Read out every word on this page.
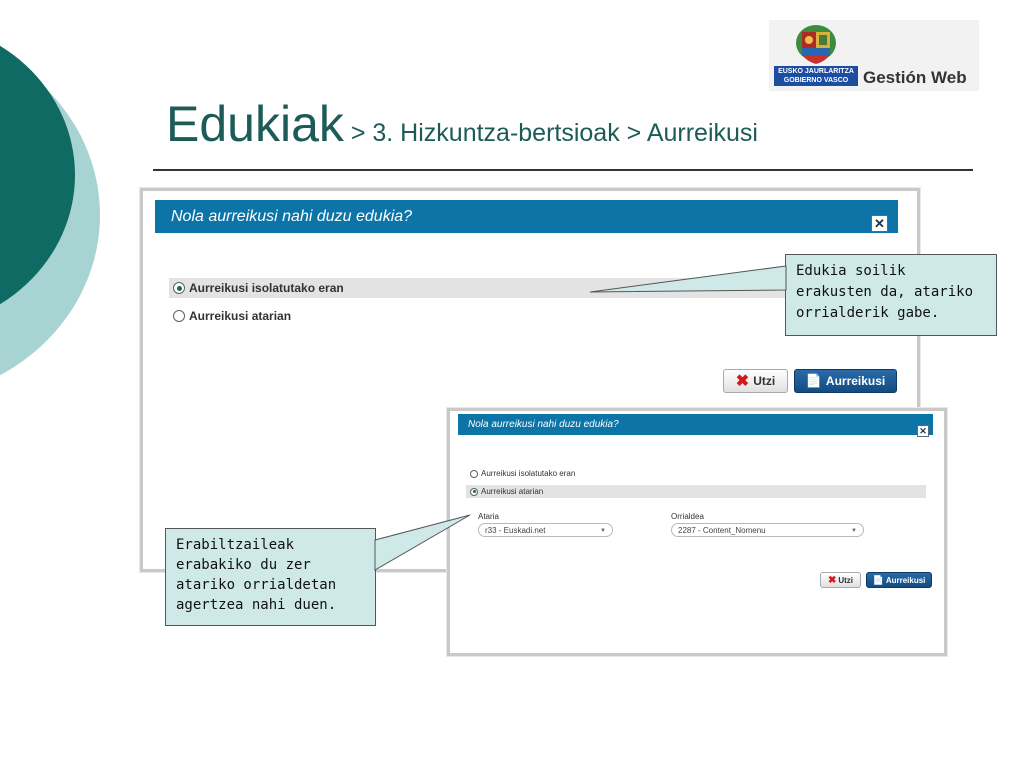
EUSKO JAURLARITZA
GOBIERNO VASCO Gestión Web
Edukiak > 3. Hizkuntza-bertsioak > Aurreikusi
Nola aurreikusi nahi duzu edukia?	✕
Aurreikusi isolatutako eran
Aurreikusi atarian
✖ Utzi 📄 Aurreikusi
Nola aurreikusi nahi duzu edukia?
✕
Aurreikusi isolatutako eran
Aurreikusi atarian
Ataria
r33 - Euskadi.net	▼
Orrialdea
2287 - Content_Nomenu	▼
✖ Utzi 📄 Aurreikusi
Edukia soilik
erakusten da, atariko
orrialderik gabe.
Erabiltzaileak
erabakiko du zer
atariko orrialdetan
agertzea nahi duen.
